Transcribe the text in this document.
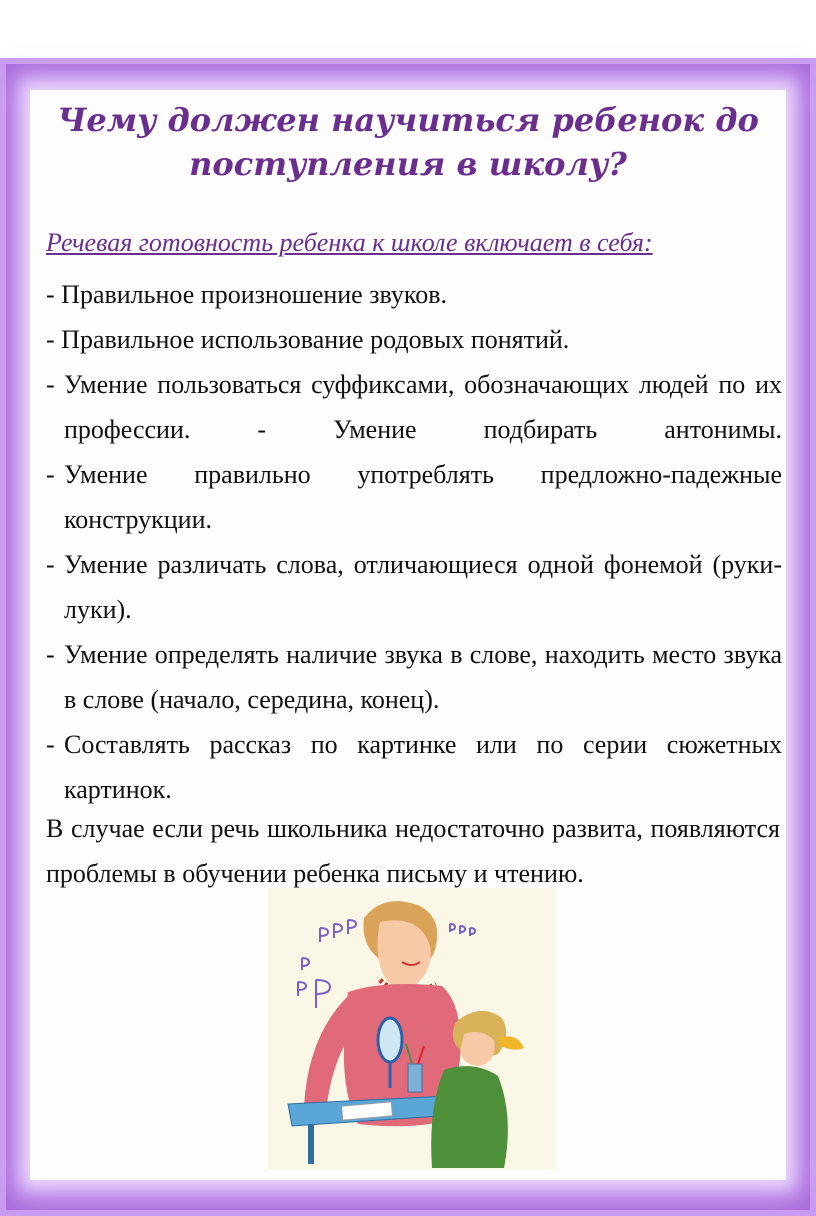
Чему должен научиться ребенок до поступления в школу?

Речевая готовность ребенка к школе включает в себя:

- Правильное произношение звуков.
- Правильное использование родовых понятий.
- Умение пользоваться суффиксами, обозначающих людей по их профессии.	-	Умение подбирать антонимы.
- Умение правильно употреблять предложно-падежные конструкции.
- Умение различать слова, отличающиеся одной фонемой (руки-луки).
- Умение определять наличие звука в слове, находить место звука в слове (начало, середина, конец).
- Составлять рассказ по картинке или по серии сюжетных картинок.

В случае если речь школьника недостаточно развита, появляются проблемы в обучении ребенка письму и чтению.
